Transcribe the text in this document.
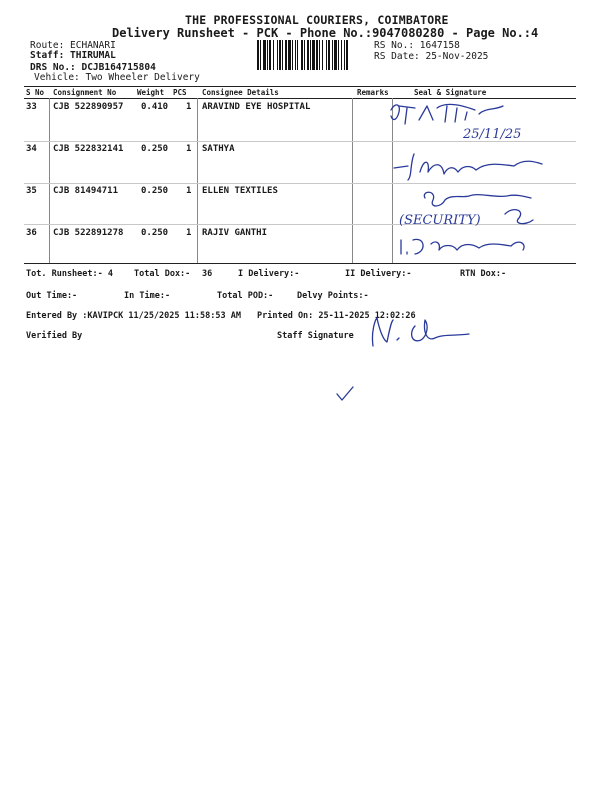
THE PROFESSIONAL COURIERS, COIMBATORE
Delivery Runsheet - PCK - Phone No.:9047080280 - Page No.:4
Route: ECHANARI
Staff: THIRUMAL
DRS No.: DCJB164715804
Vehicle: Two Wheeler Delivery
RS No.: 1647158
RS Date: 25-Nov-2025
S No Consignment No	Weight PCS Consignee Details	Remarks	Seal & Signature
33 CJB 522890957 0.410 1 ARAVIND EYE HOSPITAL
34 CJB 522832141 0.250 1 SATHYA
35 CJB 81494711	0.250 1 ELLEN TEXTILES
36 CJB 522891278 0.250 1 RAJIV GANTHI
25/11/25
(SECURITY)
Tot. Runsheet:- 4 Total Dox:- 36	I Delivery:-	II Delivery:-	RTN Dox:-
Out Time:-	In Time:-	Total POD:-	Delvy Points:-
Entered By :KAVIPCK 11/25/2025 11:58:53 AM Printed On: 25-11-2025 12:02:26
Verified By	Staff Signature
